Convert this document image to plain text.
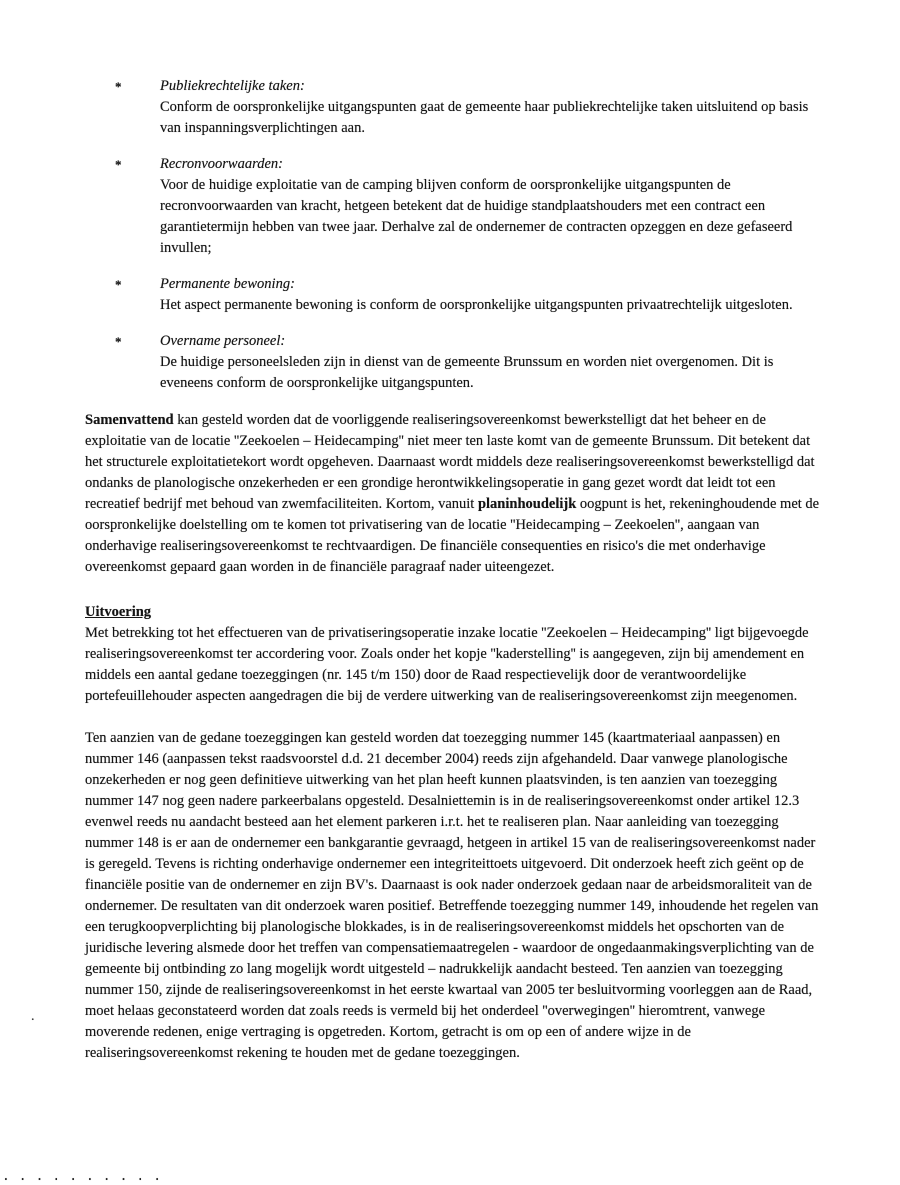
*	Publiekrechtelijke taken:
Conform de oorspronkelijke uitgangspunten gaat de gemeente haar publiekrechtelijke taken uitsluitend op basis van inspanningsverplichtingen aan.
*	Recronvoorwaarden:
Voor de huidige exploitatie van de camping blijven conform de oorspronkelijke uitgangspunten de recronvoorwaarden van kracht, hetgeen betekent dat de huidige standplaatshouders met een contract een garantietermijn hebben van twee jaar. Derhalve zal de ondernemer de contracten opzeggen en deze gefaseerd invullen;
*	Permanente bewoning:
Het aspect permanente bewoning is conform de oorspronkelijke uitgangspunten privaatrechtelijk uitgesloten.
*	Overname personeel:
De huidige personeelsleden zijn in dienst van de gemeente Brunssum en worden niet overgenomen. Dit is eveneens conform de oorspronkelijke uitgangspunten.

Samenvattend kan gesteld worden dat de voorliggende realiseringsovereenkomst bewerkstelligt dat het beheer en de exploitatie van de locatie ''Zeekoelen – Heidecamping'' niet meer ten laste komt van de gemeente Brunssum. Dit betekent dat het structurele exploitatietekort wordt opgeheven. Daarnaast wordt middels deze realiseringsovereenkomst bewerkstelligd dat ondanks de planologische onzekerheden er een grondige herontwikkelingsoperatie in gang gezet wordt dat leidt tot een recreatief bedrijf met behoud van zwemfaciliteiten. Kortom, vanuit planinhoudelijk oogpunt is het, rekeninghoudende met de oorspronkelijke doelstelling om te komen tot privatisering van de locatie ''Heidecamping – Zeekoelen'', aangaan van onderhavige realiseringsovereenkomst te rechtvaardigen. De financiële consequenties en risico's die met onderhavige overeenkomst gepaard gaan worden in de financiële paragraaf nader uiteengezet.

Uitvoering

Met betrekking tot het effectueren van de privatiseringsoperatie inzake locatie ''Zeekoelen – Heidecamping'' ligt bijgevoegde realiseringsovereenkomst ter accordering voor. Zoals onder het kopje ''kaderstelling'' is aangegeven, zijn bij amendement en middels een aantal gedane toezeggingen (nr. 145 t/m 150) door de Raad respectievelijk door de verantwoordelijke portefeuillehouder aspecten aangedragen die bij de verdere uitwerking van de realiseringsovereenkomst zijn meegenomen.

Ten aanzien van de gedane toezeggingen kan gesteld worden dat toezegging nummer 145 (kaartmateriaal aanpassen) en nummer 146 (aanpassen tekst raadsvoorstel d.d. 21 december 2004) reeds zijn afgehandeld. Daar vanwege planologische onzekerheden er nog geen definitieve uitwerking van het plan heeft kunnen plaatsvinden, is ten aanzien van toezegging nummer 147 nog geen nadere parkeerbalans opgesteld. Desalniettemin is in de realiseringsovereenkomst onder artikel 12.3 evenwel reeds nu aandacht besteed aan het element parkeren i.r.t. het te realiseren plan. Naar aanleiding van toezegging nummer 148 is er aan de ondernemer een bankgarantie gevraagd, hetgeen in artikel 15 van de realiseringsovereenkomst nader is geregeld. Tevens is richting onderhavige ondernemer een integriteittoets uitgevoerd. Dit onderzoek heeft zich geënt op de financiële positie van de ondernemer en zijn BV's. Daarnaast is ook nader onderzoek gedaan naar de arbeidsmoraliteit van de ondernemer. De resultaten van dit onderzoek waren positief. Betreffende toezegging nummer 149, inhoudende het regelen van een terugkoopverplichting bij planologische blokkades, is in de realiseringsovereenkomst middels het opschorten van de juridische levering alsmede door het treffen van compensatiemaatregelen - waardoor de ongedaanmakingsverplichting van de gemeente bij ontbinding zo lang mogelijk wordt uitgesteld – nadrukkelijk aandacht besteed. Ten aanzien van toezegging nummer 150, zijnde de realiseringsovereenkomst in het eerste kwartaal van 2005 ter besluitvorming voorleggen aan de Raad, moet helaas geconstateerd worden dat zoals reeds is vermeld bij het onderdeel ''overwegingen'' hieromtrent, vanwege moverende redenen, enige vertraging is opgetreden. Kortom, getracht is om op een of andere wijze in de realiseringsovereenkomst rekening te houden met de gedane toezeggingen.

.
..........
